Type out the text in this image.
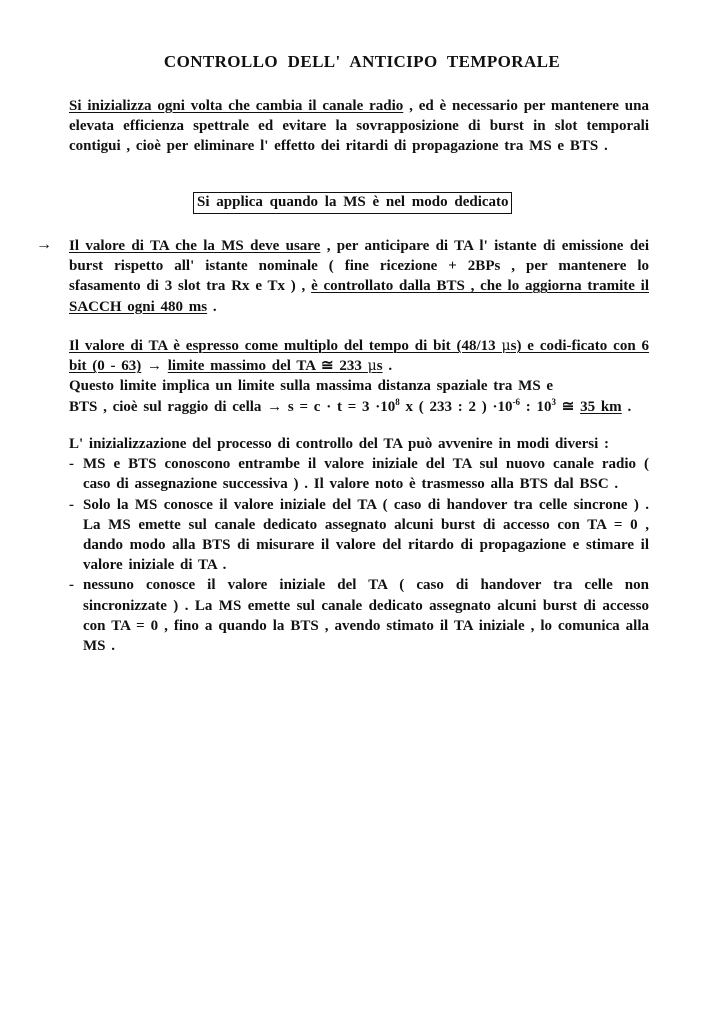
CONTROLLO DELL' ANTICIPO TEMPORALE
Si inizializza ogni volta che cambia il canale radio , ed è necessario per mantenere una elevata efficienza spettrale ed evitare la sovrapposizione di burst in slot temporali contigui , cioè per eliminare l' effetto dei ritardi di propagazione tra MS e BTS .
Si applica quando la MS è nel modo dedicato
→ Il valore di TA che la MS deve usare , per anticipare di TA l' istante di emissione dei burst rispetto all' istante nominale ( fine ricezione + 2BPs , per mantenere lo sfasamento di 3 slot tra Rx e Tx ) , è controllato dalla BTS , che lo aggiorna tramite il SACCH ogni 480 ms .
Il valore di TA è espresso come multiplo del tempo di bit (48/13 μs) e codi-ficato con 6 bit (0 - 63) → limite massimo del TA ≅ 233 μs .
Questo limite implica un limite sulla massima distanza spaziale tra MS e
BTS , cioè sul raggio di cella → $s = c \cdot t = 3 \cdot 10^8$ x ( 233 : 2 ) $\cdot 10^{-6}$ : $10^3$ ≅ 35 km .
L' inizializzazione del processo di controllo del TA può avvenire in modi diversi :
- MS e BTS conoscono entrambe il valore iniziale del TA sul nuovo canale radio ( caso di assegnazione successiva ) . Il valore noto è trasmesso alla BTS dal BSC .
- Solo la MS conosce il valore iniziale del TA ( caso di handover tra celle sincrone ) . La MS emette sul canale dedicato assegnato alcuni burst di accesso con TA = 0 , dando modo alla BTS di misurare il valore del ritardo di propagazione e stimare il valore iniziale di TA .
- nessuno conosce il valore iniziale del TA ( caso di handover tra celle non sincronizzate ) . La MS emette sul canale dedicato assegnato alcuni burst di accesso con TA = 0 , fino a quando la BTS , avendo stimato il TA iniziale , lo comunica alla MS .
